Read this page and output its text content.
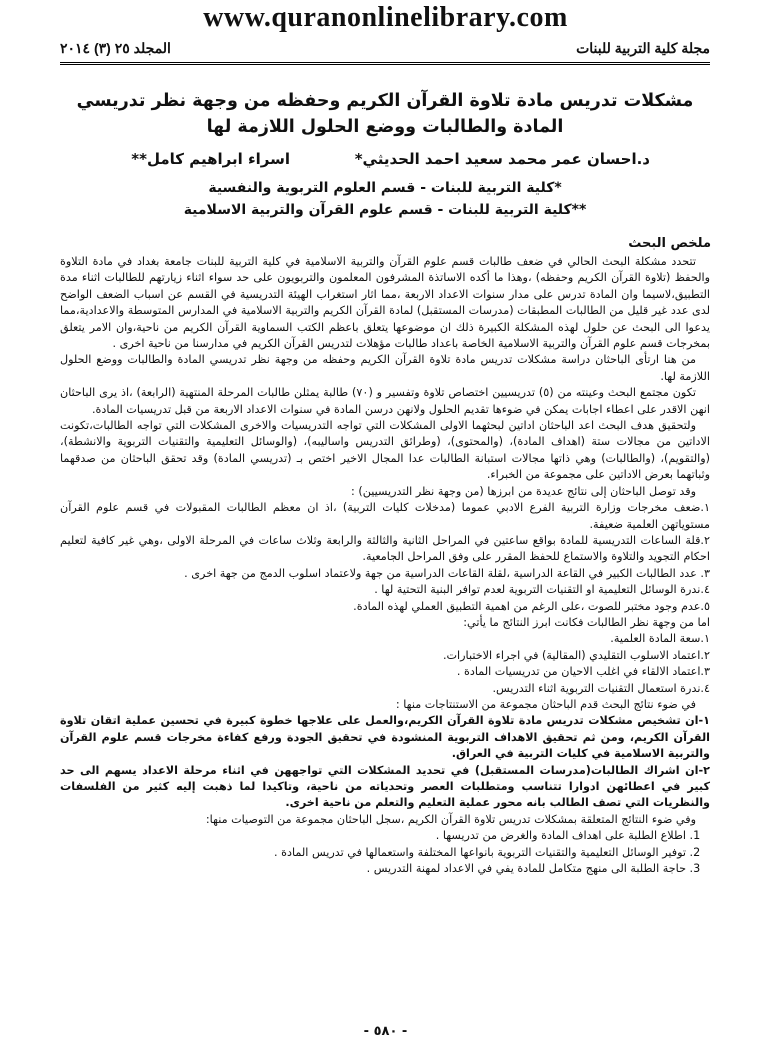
www.quranonlinelibrary.com
مجلة كلية التربية للبنات
المجلد ٢٥ (٣) ٢٠١٤
مشكلات تدريس مادة تلاوة القرآن الكريم وحفظه من وجهة نظر تدريسي المادة والطالبات ووضع الحلول اللازمة لها
د.احسان عمر محمد سعيد احمد الحديثي*
اسراء ابراهيم كامل**
*كلية التربية للبنات - قسم العلوم التربوية والنفسية
**كلية التربية للبنات - قسم علوم القرآن والتربية الاسلامية
ملخص البحث

تتحدد مشكلة البحث الحالي في ضعف طالبات قسم علوم القرآن والتربية الاسلامية في كلية التربية للبنات جامعة بغداد في مادة التلاوة والحفظ (تلاوة القرآن الكريم وحفظه) ،وهذا ما أكده الاساتذة المشرفون المعلمون والتربويون على حد سواء اثناء زيارتهم للطالبات اثناء مدة التطبيق،لاسيما وان المادة تدرس على مدار سنوات الاعداد الاربعة ،مما اثار استغراب الهيئة التدريسية في القسم عن اسباب الضعف الواضح لدى عدد غير قليل من الطالبات المطبقات (مدرسات المستقبل) لمادة القرآن الكريم والتربية الاسلامية في المدارس المتوسطة والاعدادية،مما يدعوا الى البحث عن حلول لهذه المشكلة الكبيرة ذلك ان موضوعها يتعلق باعظم الكتب السماوية القرآن الكريم من ناحية،وان الامر يتعلق بمخرجات قسم علوم القرآن والتربية الاسلامية الخاصة باعداد طالبات مؤهلات لتدريس القرآن الكريم في مدارسنا من ناحية اخرى .

من هنا ارتأى الباحثان دراسة مشكلات تدريس مادة تلاوة القرآن الكريم وحفظه من وجهة نظر تدريسي المادة والطالبات ووضع الحلول اللازمة لها.

تكون مجتمع البحث وعينته من (٥) تدريسيين اختصاص تلاوة وتفسير و (٧٠) طالبة يمثلن طالبات المرحلة المنتهية (الرابعة) ،اذ يرى الباحثان انهن الاقدر على اعطاء اجابات يمكن في ضوءها تقديم الحلول ولانهن درسن المادة في سنوات الاعداد الاربعة من قبل تدريسيات المادة.

ولتحقيق هدف البحث اعد الباحثان اداتين لبحثهما الاولى المشكلات التي تواجه التدريسيات والاخرى المشكلات التي تواجه الطالبات،تكونت الاداتين من مجالات ستة (اهداف المادة)، (والمحتوى)، (وطرائق التدريس واساليبه)، (والوسائل التعليمية والتقنيات التربوية والانشطة)، (والتقويم)، (والطالبات) وهي ذاتها مجالات استبانة الطالبات عدا المجال الاخير اختص بـ (تدريسي المادة) وقد تحقق الباحثان من صدقهما وثباتهما بعرض الاداتين على مجموعة من الخبراء.

وقد توصل الباحثان إلى نتائج عديدة من ابرزها (من وجهة نظر التدريسيين) :

١.ضعف مخرجات وزارة التربية الفرع الادبي عموما (مدخلات كليات التربية) ،اذ ان معظم الطالبات المقبولات في قسم علوم القرآن مستوياتهن العلمية ضعيفة.

٢.قلة الساعات التدريسية للمادة بواقع ساعتين في المراحل الثانية والثالثة والرابعة وثلاث ساعات في المرحلة الاولى ،وهي غير كافية لتعليم احكام التجويد والتلاوة والاستماع للحفظ المقرر على وفق المراحل الجامعية.

٣. عدد الطالبات الكبير في القاعة الدراسية ،لقلة القاعات الدراسية من جهة ولاعتماد اسلوب الدمج من جهة اخرى .

٤.ندرة الوسائل التعليمية او التقنيات التربوية لعدم توافر البنية التحتية لها .

٥.عدم وجود مختبر للصوت ،على الرغم من اهمية التطبيق العملي لهذه المادة.

اما من وجهة نظر الطالبات فكانت ابرز النتائج ما يأتي:

١.سعة المادة العلمية.

٢.اعتماد الاسلوب التقليدي (المقالية) في اجراء الاختبارات.

٣.اعتماد الالقاء في اغلب الاحيان من تدريسيات المادة .

٤.ندرة استعمال التقنيات التربوية اثناء التدريس.

في ضوء نتائج البحث قدم الباحثان مجموعة من الاستنتاجات منها :

١-ان تشخيص مشكلات تدريس مادة تلاوة القرآن الكريم،والعمل على علاجها خطوة كبيرة في تحسين عملية اتقان تلاوة القرآن الكريم، ومن ثم تحقيق الاهداف التربوية المنشودة في تحقيق الجودة ورفع كفاءة مخرجات قسم علوم القرآن والتربية الاسلامية في كليات التربية في العراق.

٢-ان اشراك الطالبات(مدرسات المستقبل) في تحديد المشكلات التي تواجههن في اثناء مرحلة الاعداد يسهم الى حد كبير في اعطائهن ادوارا تتناسب ومتطلبات العصر وتحدياته من ناحية، وتاكيدا لما ذهبت إليه كثير من الفلسفات والنظريات التي تصف الطالب بانه محور عملية التعليم والتعلم من ناحية اخرى.

وفي ضوء النتائج المتعلقة بمشكلات تدريس تلاوة القرآن الكريم ،سجل الباحثان مجموعة من التوصيات منها:

1. اطلاع الطلبة على اهداف المادة والغرض من تدريسها .
2. توفير الوسائل التعليمية والتقنيات التربوية بانواعها المختلفة واستعمالها في تدريس المادة .
3. حاجة الطلبة الى منهج متكامل للمادة يفي في الاعداد لمهنة التدريس .
- ٥٨٠ -
